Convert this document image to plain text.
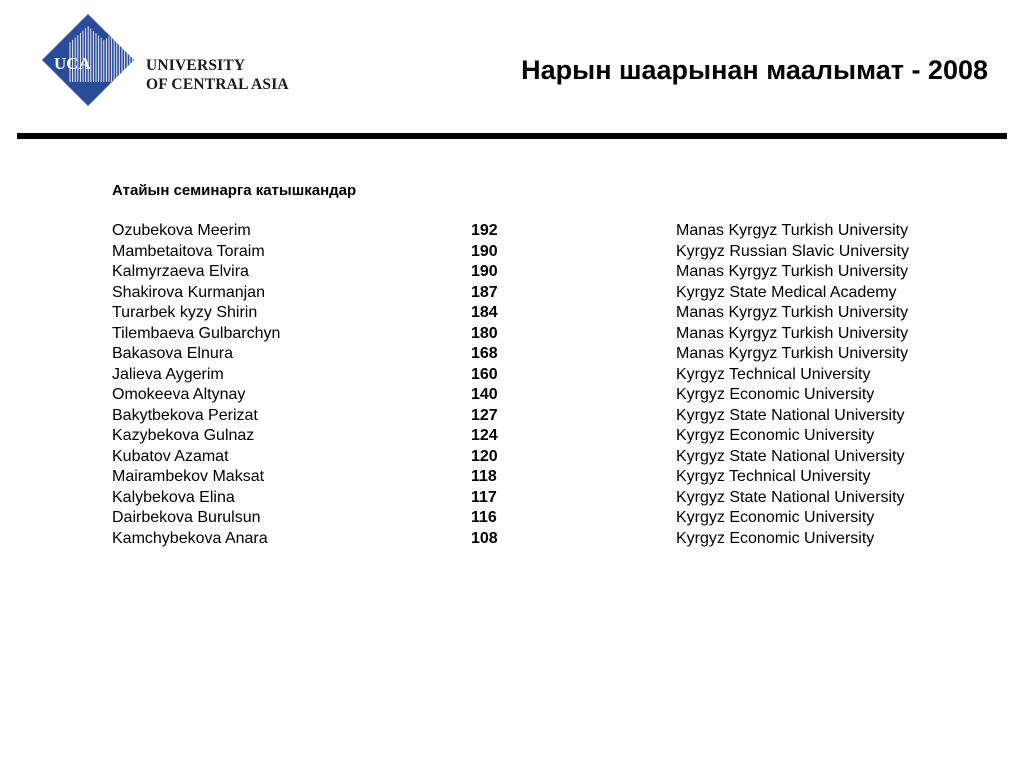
UCA	UNIVERSITY
OF CENTRAL ASIA	Нарын шаарынан маалымат - 2008
Атайын семинарга катышкандар
Ozubekova Meerim	192	Manas Kyrgyz Turkish University
Mambetaitova Toraim	190	Kyrgyz Russian Slavic University
Kalmyrzaeva Elvira	190	Manas Kyrgyz Turkish University
Shakirova Kurmanjan	187	Kyrgyz State Medical Academy
Turarbek kyzy Shirin	184	Manas Kyrgyz Turkish University
Tilembaeva Gulbarchyn	180	Manas Kyrgyz Turkish University
Bakasova Elnura	168	Manas Kyrgyz Turkish University
Jalieva Aygerim	160	Kyrgyz Technical University
Omokeeva Altynay	140	Kyrgyz Economic University
Bakytbekova Perizat	127	Kyrgyz State National University
Kazybekova Gulnaz	124	Kyrgyz Economic University
Kubatov Azamat	120	Kyrgyz State National University
Mairambekov Maksat	118	Kyrgyz Technical University
Kalybekova Elina	117	Kyrgyz State National University
Dairbekova Burulsun	116	Kyrgyz Economic University
Kamchybekova Anara	108	Kyrgyz Economic University
